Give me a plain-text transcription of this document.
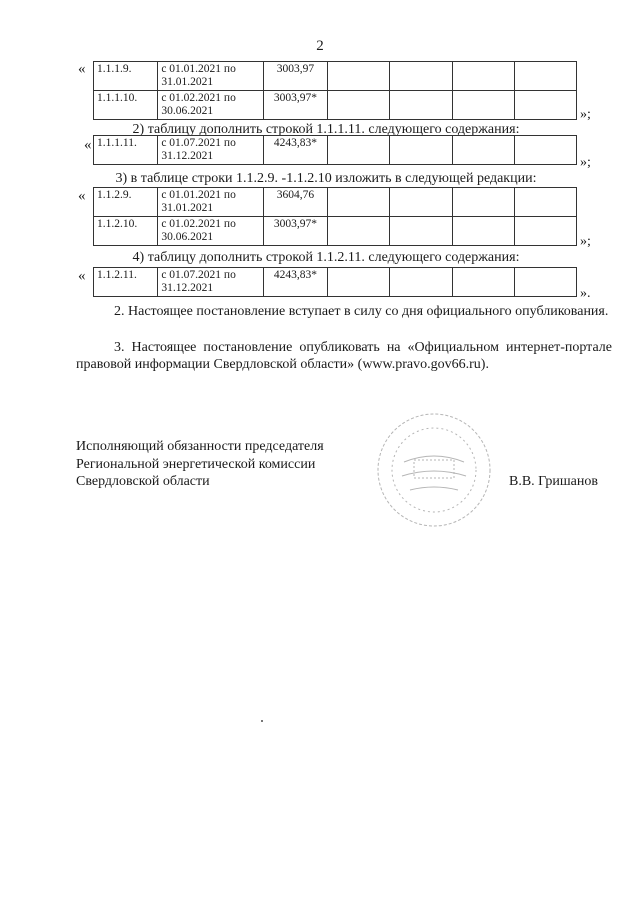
2
« 1.1.1.9.	с 01.01.2021 по 31.01.2021	3003,97				
1.1.1.10.	с 01.02.2021 по 30.06.2021	3003,97*				
»;
2) таблицу дополнить строкой 1.1.1.11. следующего содержания:
« 1.1.1.11.	с 01.07.2021 по 31.12.2021	4243,83*				
»;
3) в таблице строки 1.1.2.9. -1.1.2.10 изложить в следующей редакции:
« 1.1.2.9.	с 01.01.2021 по 31.01.2021	3604,76				
1.1.2.10.	с 01.02.2021 по 30.06.2021	3003,97*				
»;
4) таблицу дополнить строкой 1.1.2.11. следующего содержания:
« 1.1.2.11.	с 01.07.2021 по 31.12.2021	4243,83*				
».
2. Настоящее постановление вступает в силу со дня официального опубликования.
3. Настоящее постановление опубликовать на «Официальном интернет-портале правовой информации Свердловской области» (www.pravo.gov66.ru).
Исполняющий обязанности председателя
Региональной энергетической комиссии
Свердловской области	В.В. Гришанов
